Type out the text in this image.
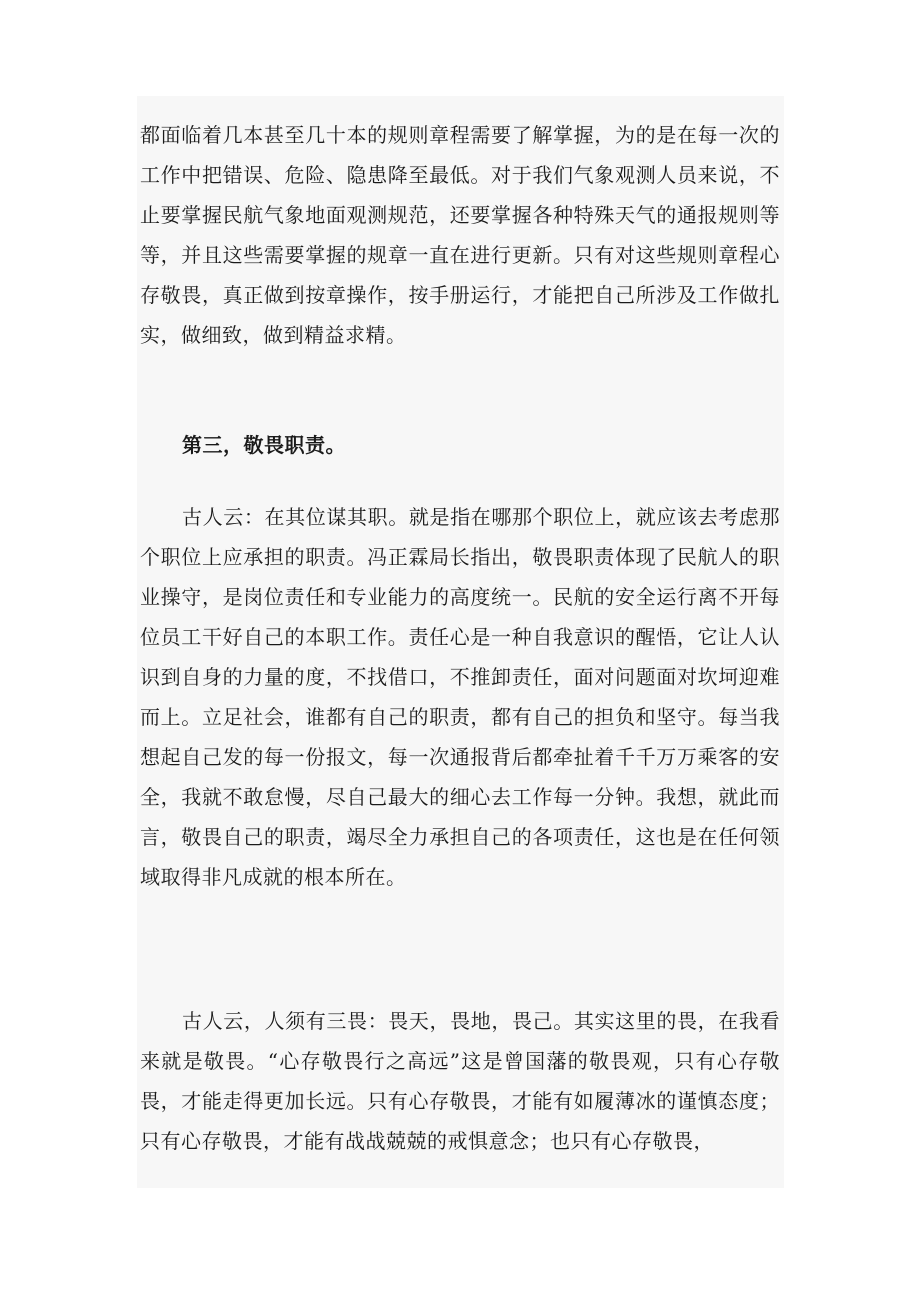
都面临着几本甚至几十本的规则章程需要了解掌握，为的是在每一次的工作中把错误、危险、隐患降至最低。对于我们气象观测人员来说，不止要掌握民航气象地面观测规范，还要掌握各种特殊天气的通报规则等等，并且这些需要掌握的规章一直在进行更新。只有对这些规则章程心存敬畏，真正做到按章操作，按手册运行，才能把自己所涉及工作做扎实，做细致，做到精益求精。

第三，敬畏职责。

古人云：在其位谋其职。就是指在哪那个职位上，就应该去考虑那个职位上应承担的职责。冯正霖局长指出，敬畏职责体现了民航人的职业操守，是岗位责任和专业能力的高度统一。民航的安全运行离不开每位员工干好自己的本职工作。责任心是一种自我意识的醒悟，它让人认识到自身的力量的度，不找借口，不推卸责任，面对问题面对坎坷迎难而上。立足社会，谁都有自己的职责，都有自己的担负和坚守。每当我想起自己发的每一份报文，每一次通报背后都牵扯着千千万万乘客的安全，我就不敢怠慢，尽自己最大的细心去工作每一分钟。我想，就此而言，敬畏自己的职责，竭尽全力承担自己的各项责任，这也是在任何领域取得非凡成就的根本所在。

古人云，人须有三畏：畏天，畏地，畏己。其实这里的畏，在我看来就是敬畏。“心存敬畏行之高远”这是曾国藩的敬畏观，只有心存敬畏，才能走得更加长远。只有心存敬畏，才能有如履薄冰的谨慎态度；只有心存敬畏，才能有战战兢兢的戒惧意念；也只有心存敬畏，
